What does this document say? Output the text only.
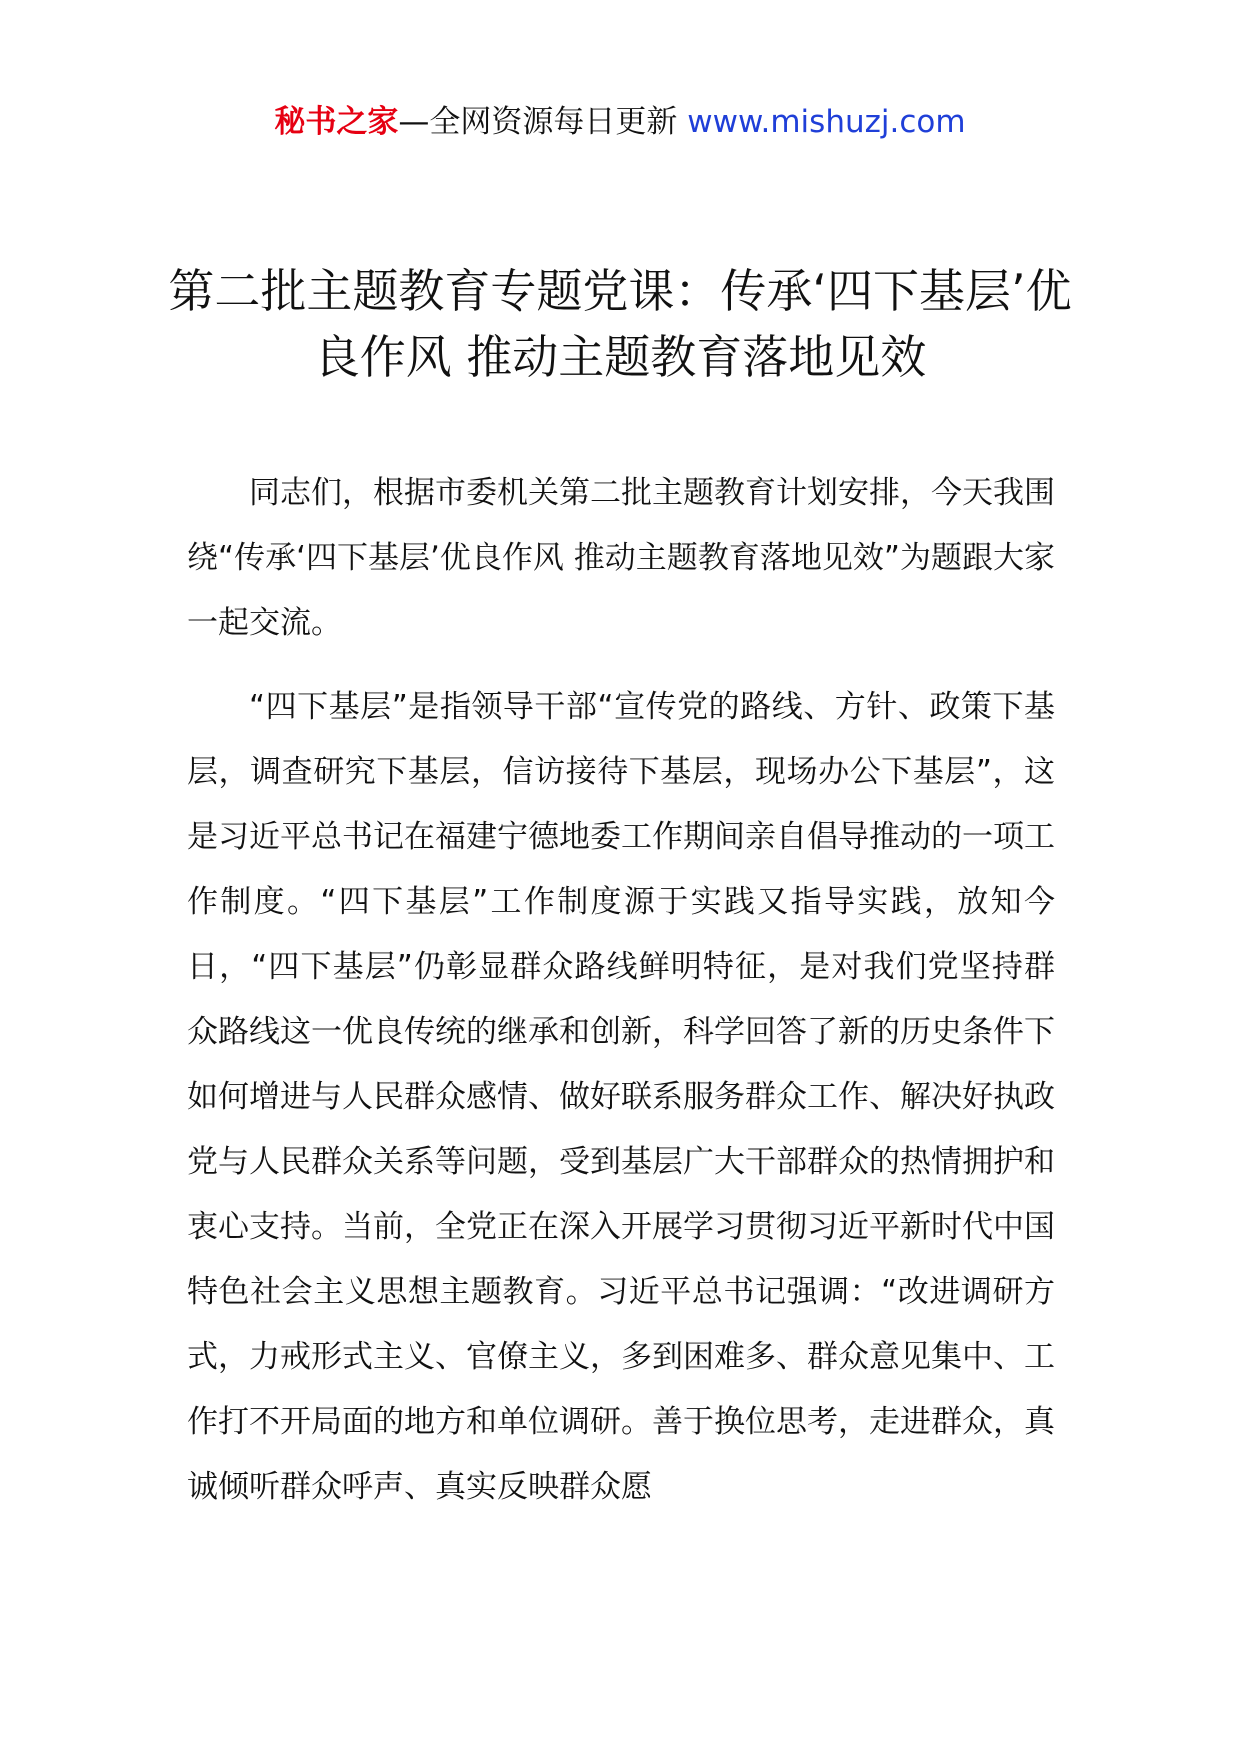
秘书之家—全网资源每日更新 www.mishuzj.com
第二批主题教育专题党课：传承‘四下基层’优良作风 推动主题教育落地见效

同志们，根据市委机关第二批主题教育计划安排，今天我围绕“传承‘四下基层’优良作风 推动主题教育落地见效”为题跟大家一起交流。

“四下基层”是指领导干部“宣传党的路线、方针、政策下基层，调查研究下基层，信访接待下基层，现场办公下基层”，这是习近平总书记在福建宁德地委工作期间亲自倡导推动的一项工作制度。“四下基层”工作制度源于实践又指导实践，放知今日，“四下基层”仍彰显群众路线鲜明特征，是对我们党坚持群众路线这一优良传统的继承和创新，科学回答了新的历史条件下如何增进与人民群众感情、做好联系服务群众工作、解决好执政党与人民群众关系等问题，受到基层广大干部群众的热情拥护和衷心支持。当前，全党正在深入开展学习贯彻习近平新时代中国特色社会主义思想主题教育。习近平总书记强调：“改进调研方式，力戒形式主义、官僚主义，多到困难多、群众意见集中、工作打不开局面的地方和单位调研。善于换位思考，走进群众，真诚倾听群众呼声、真实反映群众愿
